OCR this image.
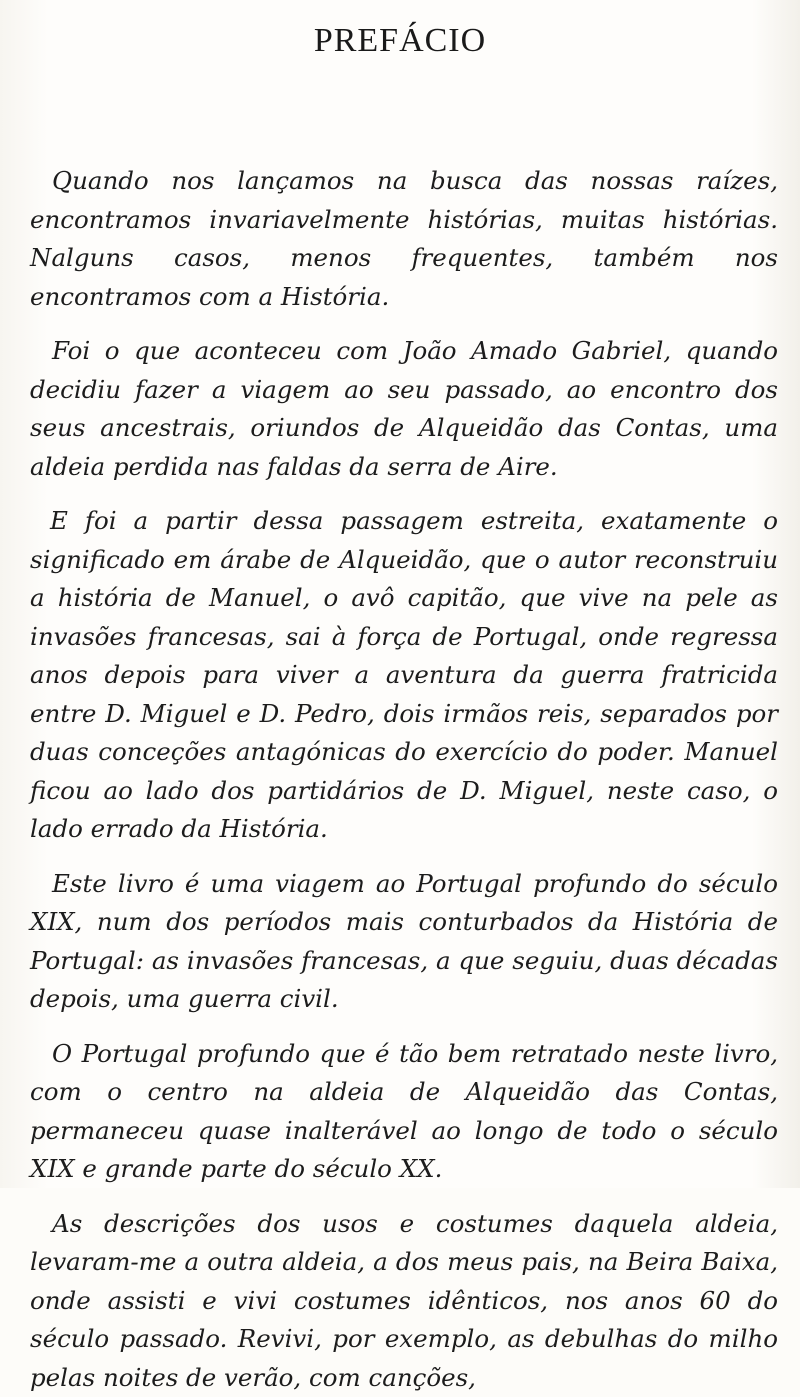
PREFÁCIO

Quando nos lançamos na busca das nossas raízes, encontramos invariavelmente histórias, muitas histórias. Nalguns casos, menos frequentes, também nos encontramos com a História.

Foi o que aconteceu com João Amado Gabriel, quando decidiu fazer a viagem ao seu passado, ao encontro dos seus ancestrais, oriundos de Alqueidão das Contas, uma aldeia perdida nas faldas da serra de Aire.

E foi a partir dessa passagem estreita, exatamente o significado em árabe de Alqueidão, que o autor reconstruiu a história de Manuel, o avô capitão, que vive na pele as invasões francesas, sai à força de Portugal, onde regressa anos depois para viver a aventura da guerra fratricida entre D. Miguel e D. Pedro, dois irmãos reis, separados por duas conceções antagónicas do exercício do poder. Manuel ficou ao lado dos partidários de D. Miguel, neste caso, o lado errado da História.

Este livro é uma viagem ao Portugal profundo do século XIX, num dos períodos mais conturbados da História de Portugal: as invasões francesas, a que seguiu, duas décadas depois, uma guerra civil.

O Portugal profundo que é tão bem retratado neste livro, com o centro na aldeia de Alqueidão das Contas, permaneceu quase inalterável ao longo de todo o século XIX e grande parte do século XX.

As descrições dos usos e costumes daquela aldeia, levaram-me a outra aldeia, a dos meus pais, na Beira Baixa, onde assisti e vivi costumes idênticos, nos anos 60 do século passado. Revivi, por exemplo, as debulhas do milho pelas noites de verão, com canções,
